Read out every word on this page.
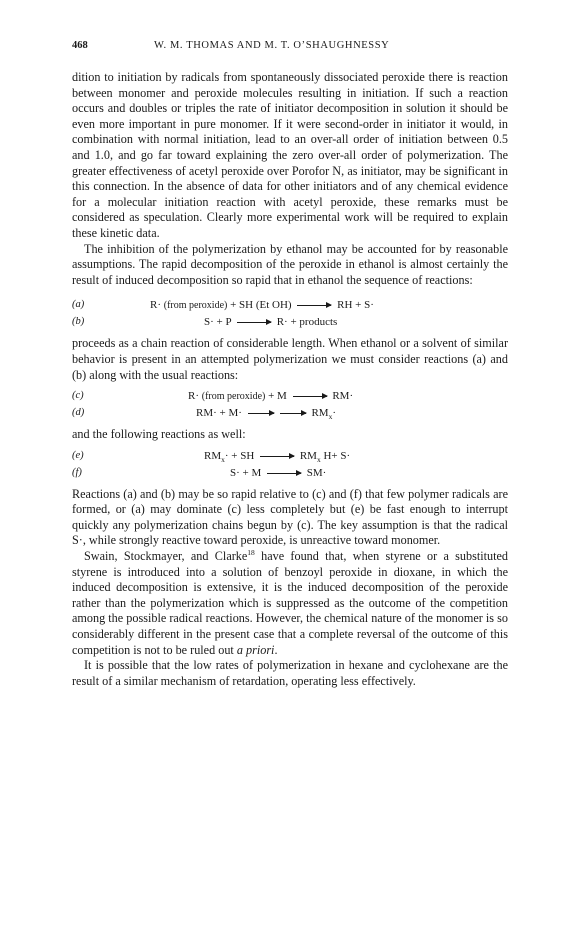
468	W. M. THOMAS AND M. T. O’SHAUGHNESSY

dition to initiation by radicals from spontaneously dissociated peroxide there is reaction between monomer and peroxide molecules resulting in initiation. If such a reaction occurs and doubles or triples the rate of initiator decomposition in solution it should be even more important in pure monomer. If it were second-order in initiator it would, in combination with normal initiation, lead to an over-all order of initiation between 0.5 and 1.0, and go far toward explaining the zero over-all order of polymerization. The greater effectiveness of acetyl peroxide over Porofor N, as initiator, may be significant in this connection. In the absence of data for other initiators and of any chemical evidence for a molecular initiation reaction with acetyl peroxide, these remarks must be considered as speculation. Clearly more experimental work will be required to explain these kinetic data.

The inhibition of the polymerization by ethanol may be accounted for by reasonable assumptions. The rapid decomposition of the peroxide in ethanol is almost certainly the result of induced decomposition so rapid that in ethanol the sequence of reactions:

(a)	R· (from peroxide) + SH (Et OH)	RH + S·
(b)	S· + P	R· + products

proceeds as a chain reaction of considerable length. When ethanol or a solvent of similar behavior is present in an attempted polymerization we must consider reactions (a) and (b) along with the usual reactions:

(c)	R· (from peroxide) + M	RM·
(d)	RM· + M·	$RM_x\cdot$

and the following reactions as well:

(e)	$RM_x\cdot$ + SH	$RM_x$ H+ S·
(f)	S· + M	SM·

Reactions (a) and (b) may be so rapid relative to (c) and (f) that few polymer radicals are formed, or (a) may dominate (c) less completely but (e) be fast enough to interrupt quickly any polymerization chains begun by (c). The key assumption is that the radical S·, while strongly reactive toward peroxide, is unreactive toward monomer.

Swain, Stockmayer, and Clarke$^{18}$ have found that, when styrene or a substituted styrene is introduced into a solution of benzoyl peroxide in dioxane, in which the induced decomposition is extensive, it is the induced decomposition of the peroxide rather than the polymerization which is suppressed as the outcome of the competition among the possible radical reactions. However, the chemical nature of the monomer is so considerably different in the present case that a complete reversal of the outcome of this competition is not to be ruled out a priori.

It is possible that the low rates of polymerization in hexane and cyclohexane are the result of a similar mechanism of retardation, operating less effectively.
